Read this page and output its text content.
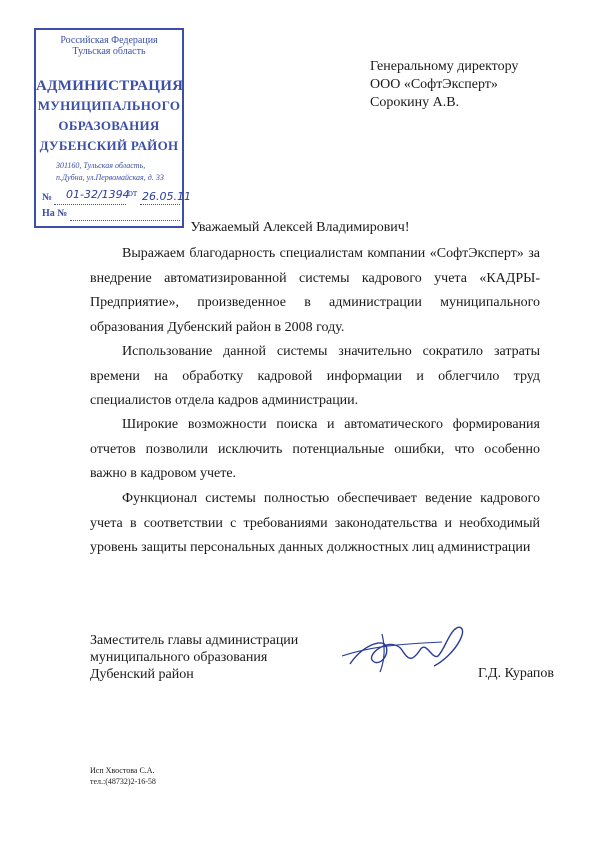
Российская Федерация
Тульская область
АДМИНИСТРАЦИЯ
МУНИЦИПАЛЬНОГО
ОБРАЗОВАНИЯ
ДУБЕНСКИЙ РАЙОН
301160, Тульская область,
п.Дубна, ул.Первомайская, д. 33
№ 01-32/1394
от 26.05.11
На №
Генеральному директору
ООО «СофтЭксперт»
Сорокину А.В.
Уважаемый Алексей Владимирович!
Выражаем благодарность специалистам компании «СофтЭксперт» за внедрение автоматизированной системы кадрового учета «КАДРЫ-Предприятие», произведенное в администрации муниципального образования Дубенский район в 2008 году.
Использование данной системы значительно сократило затраты времени на обработку кадровой информации и облегчило труд специалистов отдела кадров администрации.
Широкие возможности поиска и автоматического формирования отчетов позволили исключить потенциальные ошибки, что особенно важно в кадровом учете.
Функционал системы полностью обеспечивает ведение кадрового учета в соответствии с требованиями законодательства и необходимый уровень защиты персональных данных должностных лиц администрации
Заместитель главы администрации
муниципального образования
Дубенский район	Г.Д. Курапов
Исп Хвостова С.А.
тел.:(48732)2-16-58
